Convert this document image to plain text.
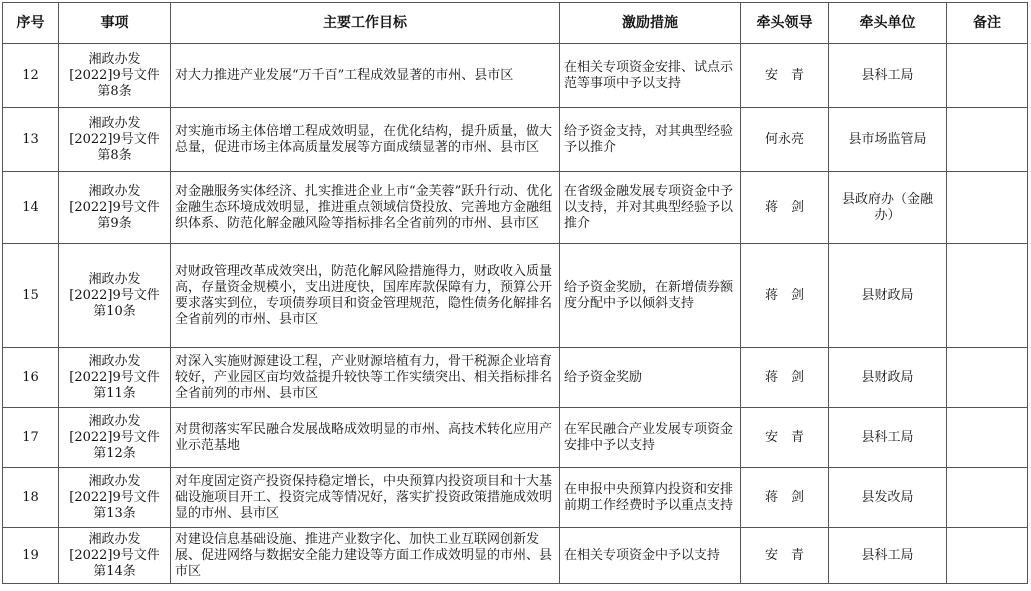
序号	事项	主要工作目标	激励措施	牵头领导	牵头单位	备注
12	湘政办发[2022]9号文件第8条	对大力推进产业发展“万千百”工程成效显著的市州、县市区	在相关专项资金安排、试点示范等事项中予以支持	安　青	县科工局	
13	湘政办发[2022]9号文件第8条	对实施市场主体倍增工程成效明显，在优化结构，提升质量，做大总量，促进市场主体高质量发展等方面成绩显著的市州、县市区	给予资金支持，对其典型经验予以推介	何永亮	县市场监管局	
14	湘政办发[2022]9号文件第9条	对金融服务实体经济、扎实推进企业上市“金芙蓉”跃升行动、优化金融生态环境成效明显，推进重点领域信贷投放、完善地方金融组织体系、防范化解金融风险等指标排名全省前列的市州、县市区	在省级金融发展专项资金中予以支持，并对其典型经验予以推介	蒋　剑	县政府办（金融办）	
15	湘政办发[2022]9号文件第10条	对财政管理改革成效突出，防范化解风险措施得力，财政收入质量高，存量资金规模小，支出进度快，国库库款保障有力，预算公开要求落实到位，专项债券项目和资金管理规范，隐性债务化解排名全省前列的市州、县市区	给予资金奖励，在新增债券额度分配中予以倾斜支持	蒋　剑	县财政局	
16	湘政办发[2022]9号文件第11条	对深入实施财源建设工程，产业财源培植有力，骨干税源企业培育较好，产业园区亩均效益提升较快等工作实绩突出、相关指标排名全省前列的市州、县市区	给予资金奖励	蒋　剑	县财政局	
17	湘政办发[2022]9号文件第12条	对贯彻落实军民融合发展战略成效明显的市州、高技术转化应用产业示范基地	在军民融合产业发展专项资金安排中予以支持	安　青	县科工局	
18	湘政办发[2022]9号文件第13条	对年度固定资产投资保持稳定增长，中央预算内投资项目和十大基础设施项目开工、投资完成等情况好，落实扩投资政策措施成效明显的市州、县市区	在申报中央预算内投资和安排前期工作经费时予以重点支持	蒋　剑	县发改局	
19	湘政办发[2022]9号文件第14条	对建设信息基础设施、推进产业数字化、加快工业互联网创新发展、促进网络与数据安全能力建设等方面工作成效明显的市州、县市区	在相关专项资金中予以支持	安　青	县科工局	
